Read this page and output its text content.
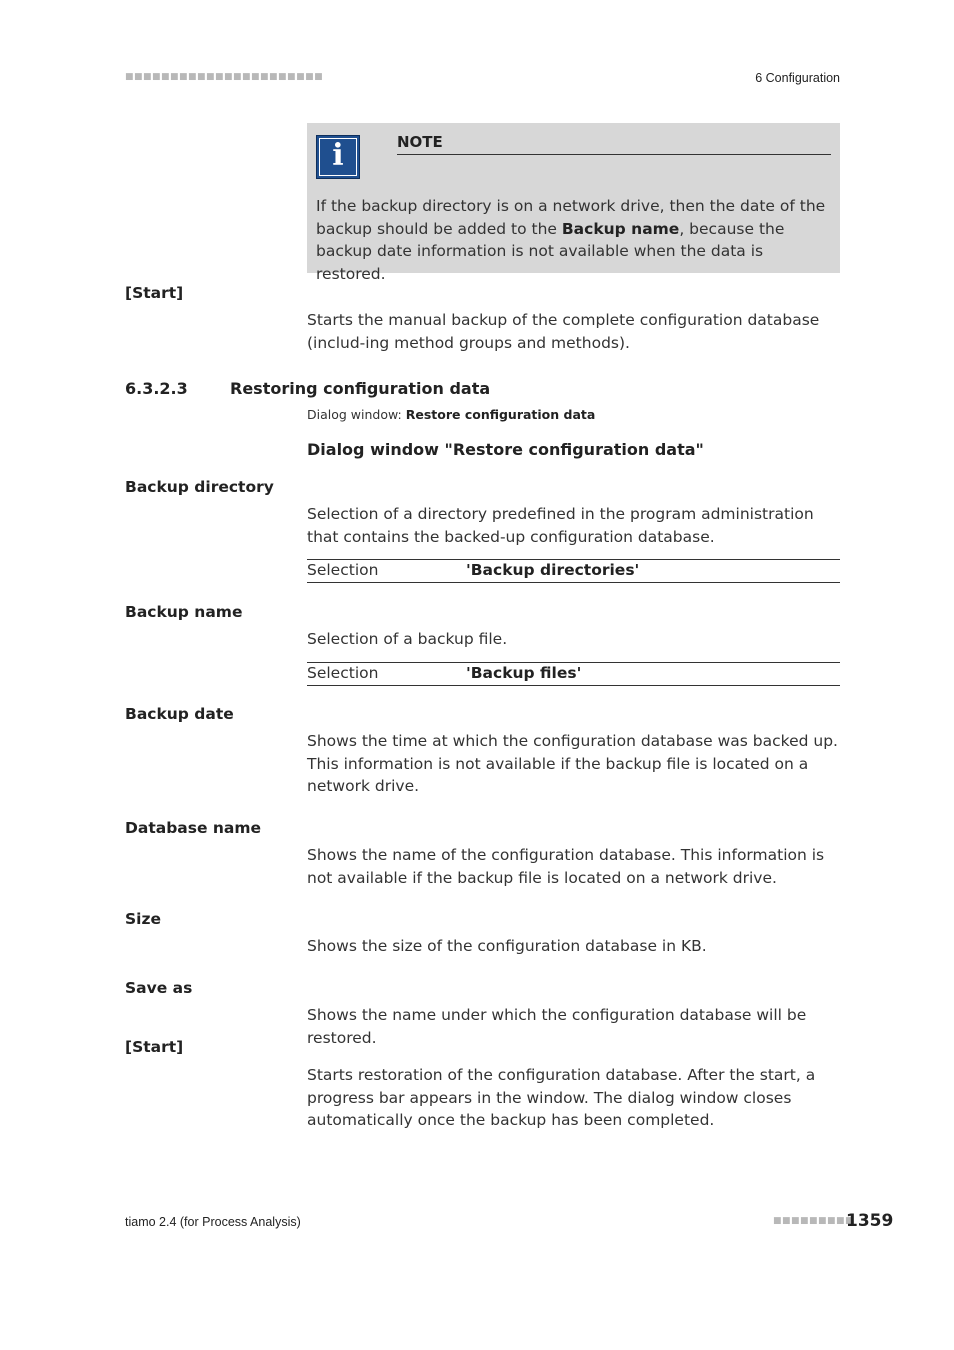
■■■■■■■■■■■■■■■■■■■■■■	6 Configuration
i	NOTE
If the backup directory is on a network drive, then the date of the backup should be added to the Backup name, because the backup date information is not available when the data is restored.
[Start]
Starts the manual backup of the complete configuration database (includ-ing method groups and methods).
6.3.2.3	Restoring configuration data
Dialog window: Restore configuration data
Dialog window "Restore configuration data"
Backup directory
Selection of a directory predefined in the program administration that contains the backed-up configuration database.
Selection	'Backup directories'
Backup name
Selection of a backup file.
Selection	'Backup files'
Backup date
Shows the time at which the configuration database was backed up. This information is not available if the backup file is located on a network drive.
Database name
Shows the name of the configuration database. This information is not available if the backup file is located on a network drive.
Size
Shows the size of the configuration database in KB.
Save as
Shows the name under which the configuration database will be restored.
[Start]
Starts restoration of the configuration database. After the start, a progress bar appears in the window. The dialog window closes automatically once the backup has been completed.
tiamo 2.4 (for Process Analysis)	■■■■■■■■■
1359
